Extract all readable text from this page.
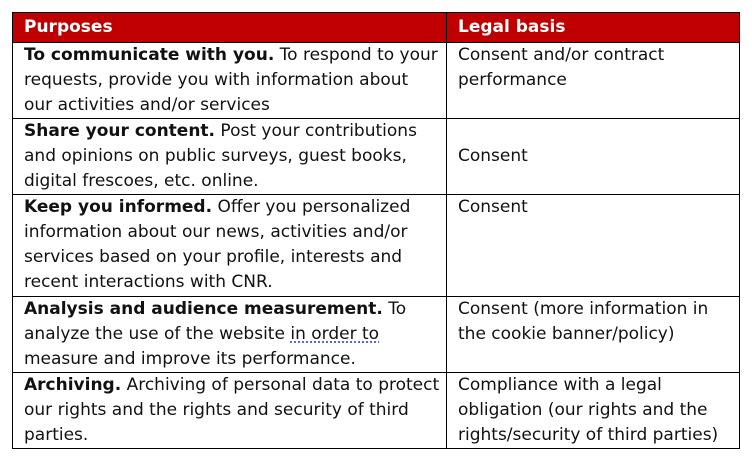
Purposes	Legal basis
To communicate with you. To respond to your requests, provide you with information about our activities and/or services	Consent and/or contract performance
Share your content. Post your contributions and opinions on public surveys, guest books, digital frescoes, etc. online.	Consent
Keep you informed. Offer you personalized information about our news, activities and/or services based on your profile, interests and recent interactions with CNR.	Consent
Analysis and audience measurement. To analyze the use of the website in order to measure and improve its performance.	Consent (more information in the cookie banner/policy)
Archiving. Archiving of personal data to protect our rights and the rights and security of third parties.	Compliance with a legal obligation (our rights and the rights/security of third parties)
